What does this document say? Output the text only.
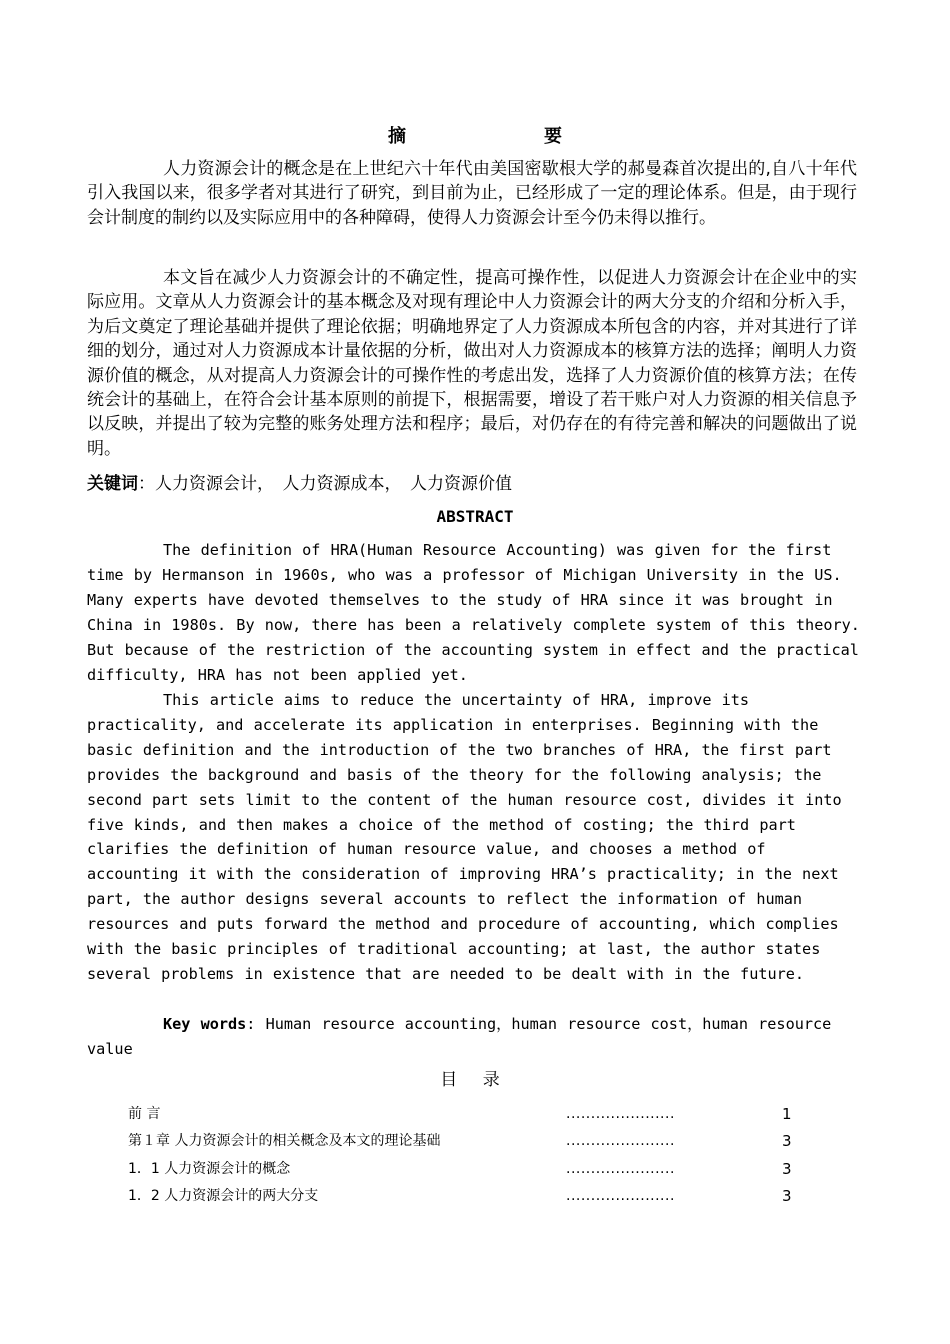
摘　要

人力资源会计的概念是在上世纪六十年代由美国密歇根大学的郝曼森首次提出的,自八十年代引入我国以来，很多学者对其进行了研究，到目前为止，已经形成了一定的理论体系。但是，由于现行会计制度的制约以及实际应用中的各种障碍，使得人力资源会计至今仍未得以推行。

本文旨在减少人力资源会计的不确定性，提高可操作性，以促进人力资源会计在企业中的实际应用。文章从人力资源会计的基本概念及对现有理论中人力资源会计的两大分支的介绍和分析入手，为后文奠定了理论基础并提供了理论依据；明确地界定了人力资源成本所包含的内容，并对其进行了详细的划分，通过对人力资源成本计量依据的分析，做出对人力资源成本的核算方法的选择；阐明人力资源价值的概念，从对提高人力资源会计的可操作性的考虑出发，选择了人力资源价值的核算方法；在传统会计的基础上，在符合会计基本原则的前提下，根据需要，增设了若干账户对人力资源的相关信息予以反映，并提出了较为完整的账务处理方法和程序；最后，对仍存在的有待完善和解决的问题做出了说明。

关键词：人力资源会计，　人力资源成本，　人力资源价值
ABSTRACT

The definition of HRA(Human Resource Accounting) was given for the first time by Hermanson in 1960s, who was a professor of Michigan University in the US. Many experts have devoted themselves to the study of HRA since it was brought in China in 1980s. By now, there has been a relatively complete system of this theory. But because of the restriction of the accounting system in effect and the practical difficulty, HRA has not been applied yet.

This article aims to reduce the uncertainty of HRA, improve its practicality, and accelerate its application in enterprises. Beginning with the basic definition and the introduction of the two branches of HRA, the first part provides the background and basis of the theory for the following analysis; the second part sets limit to the content of the human resource cost, divides it into five kinds, and then makes a choice of the method of costing; the third part clarifies the definition of human resource value, and chooses a method of accounting it with the consideration of improving HRA’s practicality; in the next part, the author designs several accounts to reflect the information of human resources and puts forward the method and procedure of accounting, which complies with the basic principles of traditional accounting; at last, the author states several problems in existence that are needed to be dealt with in the future.

Key words: Human resource accounting，human resource cost，human resource value

目 录
前 言	......................	1
第１章 人力资源会计的相关概念及本文的理论基础	......................	3
1．1 人力资源会计的概念	......................	3
1．2 人力资源会计的两大分支	......................	3
